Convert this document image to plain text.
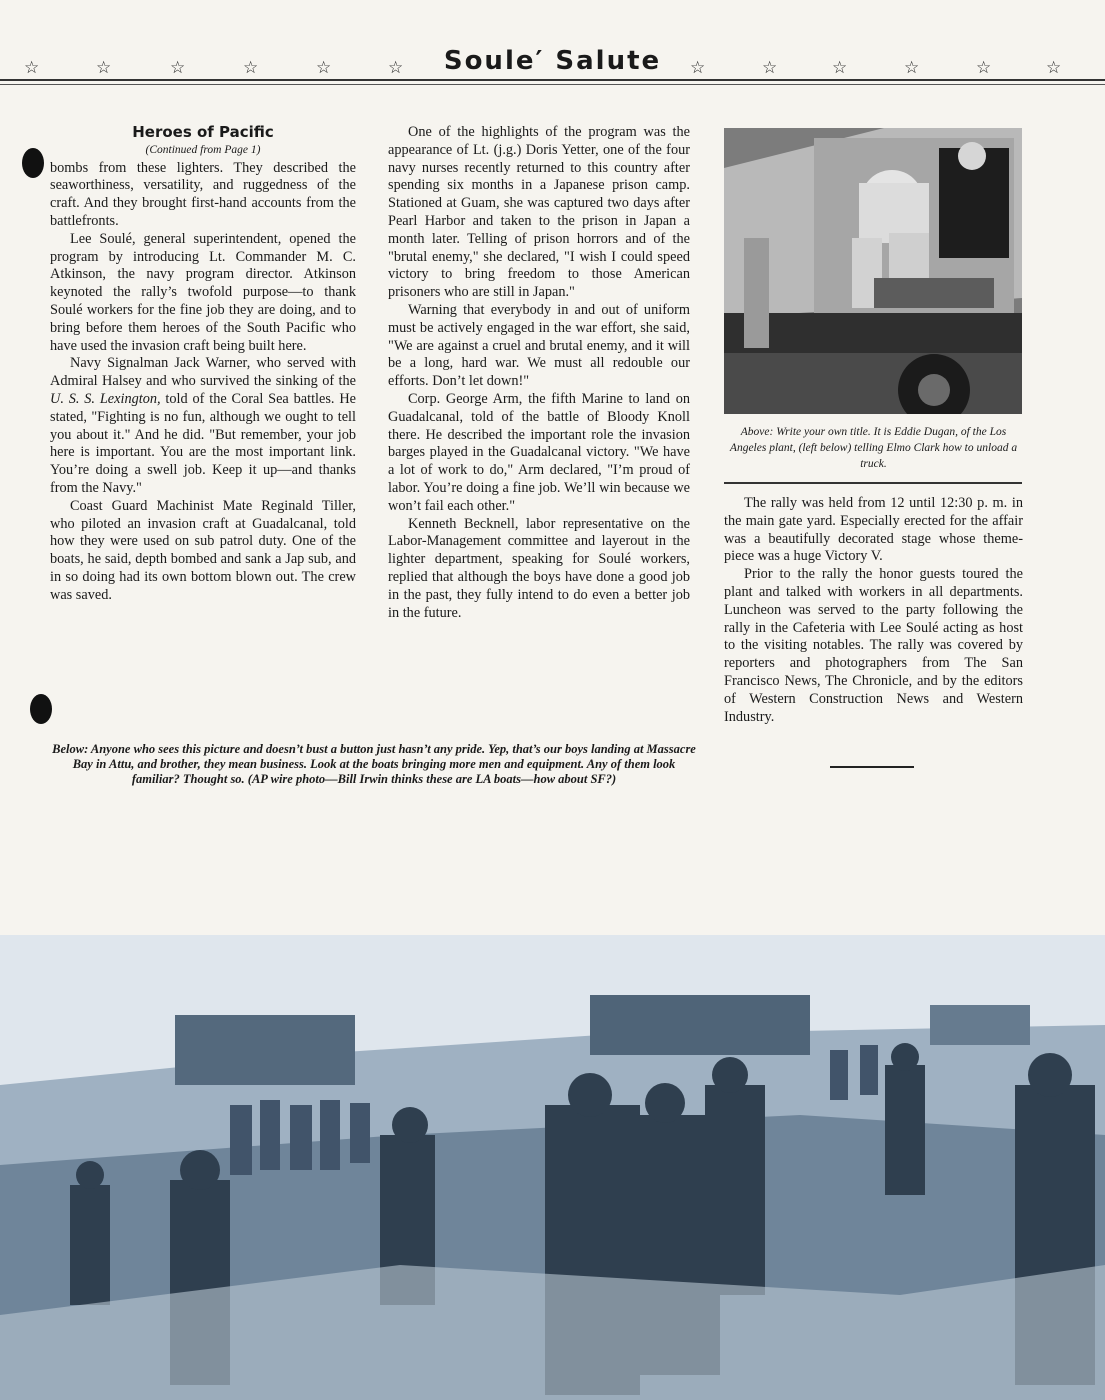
☆	☆	☆	☆	☆	☆	☆	☆	☆	☆	☆	☆
Soule′ Salute

Heroes of Pacific

(Continued from Page 1)

bombs from these lighters. They described the seaworthiness, versatility, and ruggedness of the craft. And they brought first-hand accounts from the battlefronts.

Lee Soulé, general superintendent, opened the program by introducing Lt. Commander M. C. Atkinson, the navy program director. Atkinson keynoted the rally’s twofold purpose—to thank Soulé workers for the fine job they are doing, and to bring before them heroes of the South Pacific who have used the invasion craft being built here.

Navy Signalman Jack Warner, who served with Admiral Halsey and who survived the sinking of the U. S. S. Lexington, told of the Coral Sea battles. He stated, "Fighting is no fun, although we ought to tell you about it." And he did. "But remember, your job here is important. You are the most important link. You’re doing a swell job. Keep it up—and thanks from the Navy."

Coast Guard Machinist Mate Reginald Tiller, who piloted an invasion craft at Guadalcanal, told how they were used on sub patrol duty. One of the boats, he said, depth bombed and sank a Jap sub, and in so doing had its own bottom blown out. The crew was saved.

One of the highlights of the program was the appearance of Lt. (j.g.) Doris Yetter, one of the four navy nurses recently returned to this country after spending six months in a Japanese prison camp. Stationed at Guam, she was captured two days after Pearl Harbor and taken to the prison in Japan a month later. Telling of prison horrors and of the "brutal enemy," she declared, "I wish I could speed victory to bring freedom to those American prisoners who are still in Japan."

Warning that everybody in and out of uniform must be actively engaged in the war effort, she said, "We are against a cruel and brutal enemy, and it will be a long, hard war. We must all redouble our efforts. Don’t let down!"

Corp. George Arm, the fifth Marine to land on Guadalcanal, told of the battle of Bloody Knoll there. He described the important role the invasion barges played in the Guadalcanal victory. "We have a lot of work to do," Arm declared, "I’m proud of labor. You’re doing a fine job. We’ll win because we won’t fail each other."

Kenneth Becknell, labor representative on the Labor-Management committee and layerout in the lighter department, speaking for Soulé workers, replied that although the boys have done a good job in the past, they fully intend to do even a better job in the future.

Above: Write your own title. It is Eddie Dugan, of the Los Angeles plant, (left below) telling Elmo Clark how to unload a truck.

The rally was held from 12 until 12:30 p. m. in the main gate yard. Especially erected for the affair was a beautifully decorated stage whose theme-piece was a huge Victory V.

Prior to the rally the honor guests toured the plant and talked with workers in all departments. Luncheon was served to the party following the rally in the Cafeteria with Lee Soulé acting as host to the visiting notables. The rally was covered by reporters and photographers from The San Francisco News, The Chronicle, and by the editors of Western Construction News and Western Industry.

Below: Anyone who sees this picture and doesn’t bust a button just hasn’t any pride. Yep, that’s our boys landing at Massacre Bay in Attu, and brother, they mean business. Look at the boats bringing more men and equipment. Any of them look familiar? Thought so. (AP wire photo—Bill Irwin thinks these are LA boats—how about SF?)
